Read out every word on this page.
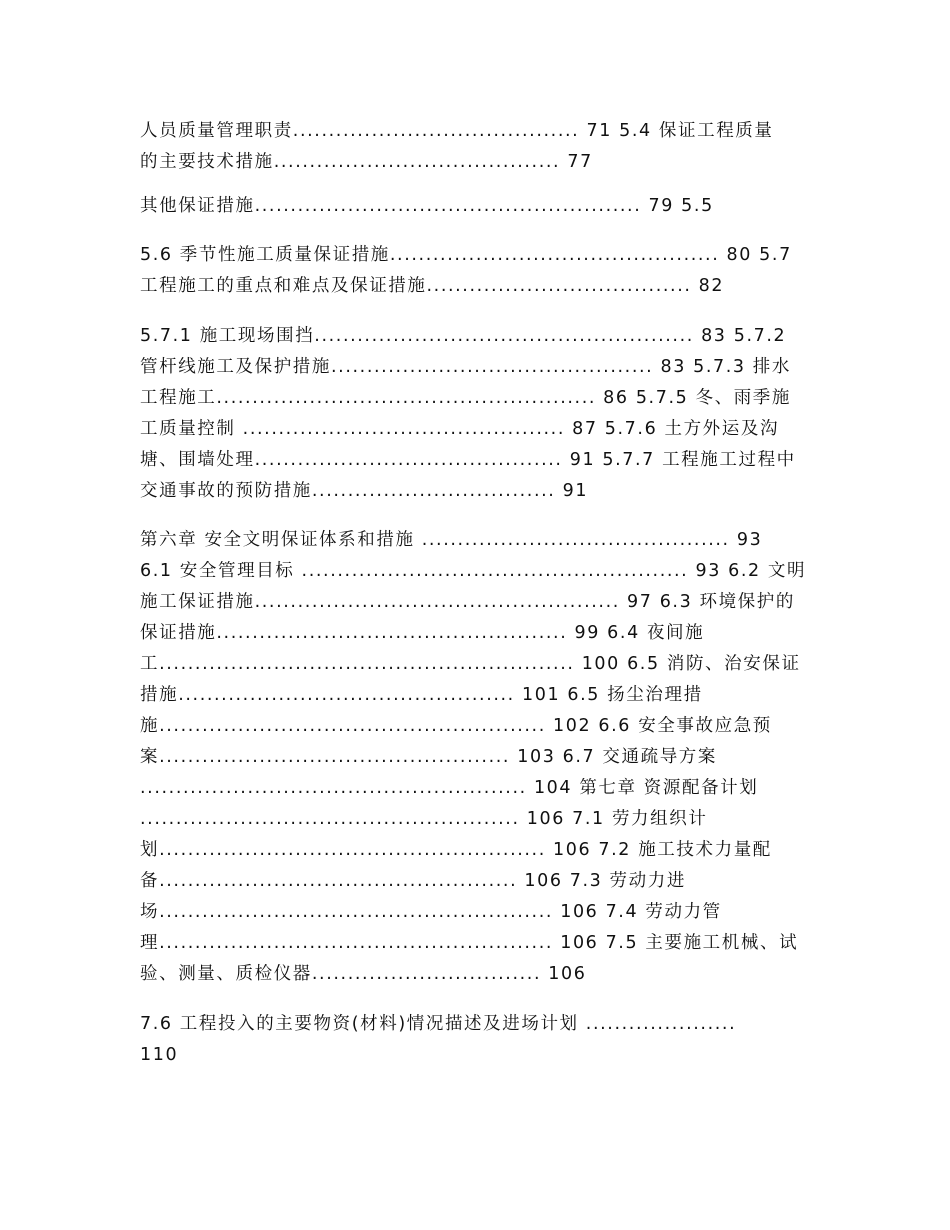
人员质量管理职责........................................ 71 5.4 保证工程质量
的主要技术措施........................................ 77
其他保证措施...................................................... 79 5.5
5.6 季节性施工质量保证措施.............................................. 80 5.7
工程施工的重点和难点及保证措施..................................... 82
5.7.1 施工现场围挡..................................................... 83 5.7.2
管杆线施工及保护措施............................................. 83 5.7.3 排水
工程施工..................................................... 86 5.7.5 冬、雨季施
工质量控制 ............................................. 87 5.7.6 土方外运及沟
塘、围墙处理........................................... 91 5.7.7 工程施工过程中
交通事故的预防措施.................................. 91
第六章 安全文明保证体系和措施 ........................................... 93
6.1 安全管理目标 ...................................................... 93 6.2 文明
施工保证措施................................................... 97 6.3 环境保护的
保证措施................................................. 99 6.4 夜间施
工.......................................................... 100 6.5 消防、治安保证
措施............................................... 101 6.5 扬尘治理措
施...................................................... 102 6.6 安全事故应急预
案................................................. 103 6.7 交通疏导方案
...................................................... 104 第七章 资源配备计划
..................................................... 106 7.1 劳力组织计
划...................................................... 106 7.2 施工技术力量配
备.................................................. 106 7.3 劳动力进
场....................................................... 106 7.4 劳动力管
理....................................................... 106 7.5 主要施工机械、试
验、测量、质检仪器................................ 106
7.6 工程投入的主要物资(材料)情况描述及进场计划 .....................
110
